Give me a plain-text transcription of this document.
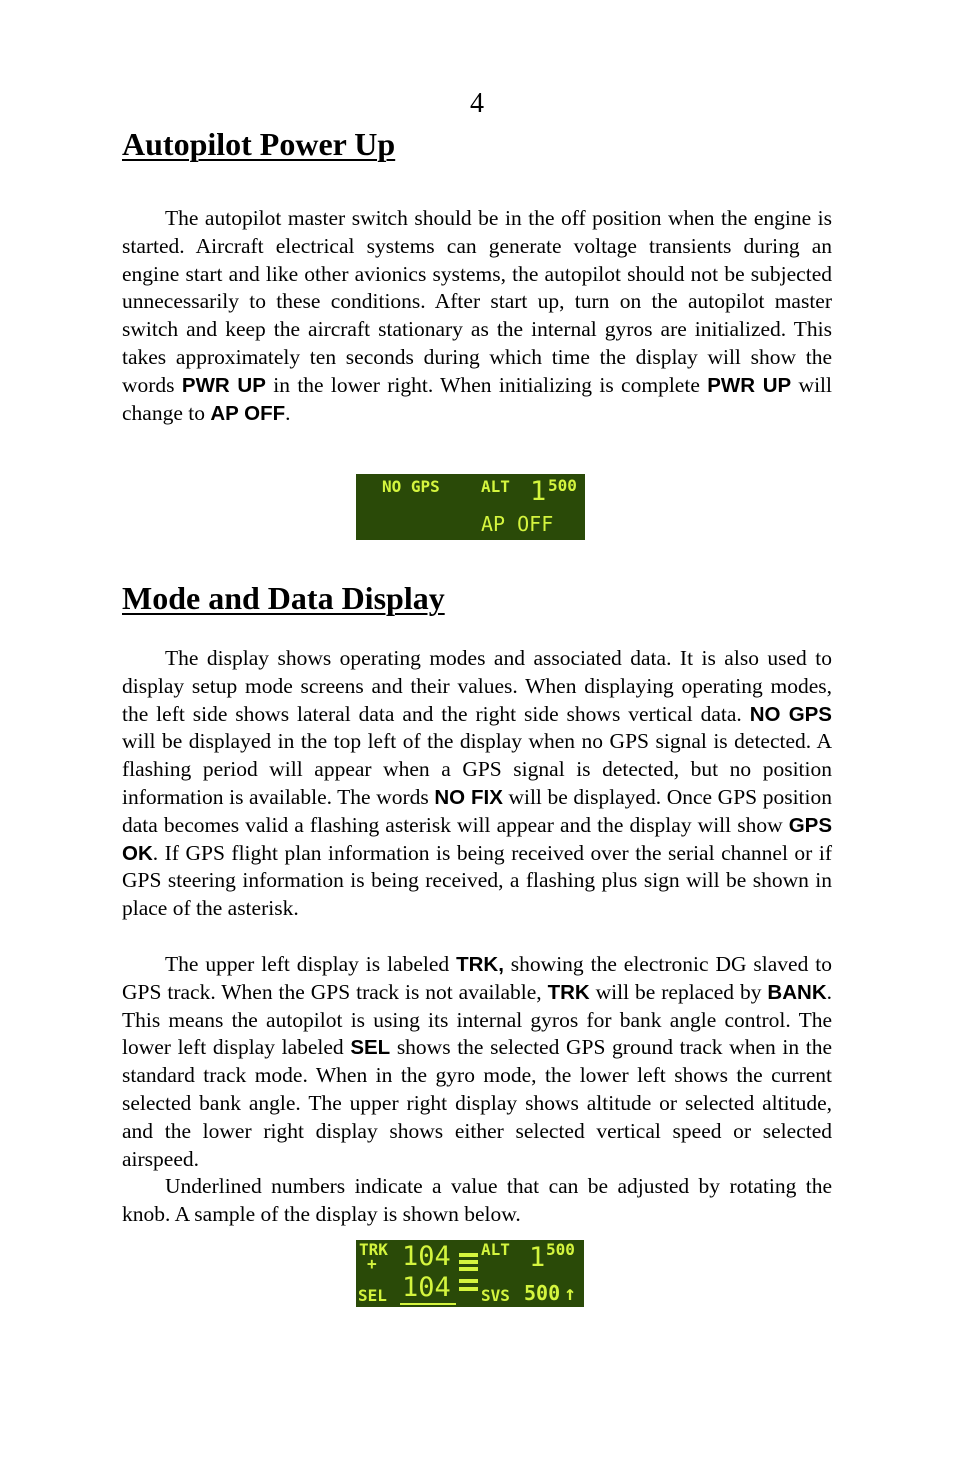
4
Autopilot Power Up

The autopilot master switch should be in the off position when the engine is started. Aircraft electrical systems can generate voltage transients during an engine start and like other avionics systems, the autopilot should not be subjected unnecessarily to these conditions. After start up, turn on the autopilot master switch and keep the aircraft stationary as the internal gyros are initialized. This takes approximately ten seconds during which time the display will show the words PWR UP in the lower right. When initializing is complete PWR UP will change to AP OFF.

NO GPS	ALT 1 500
AP OFF
Mode and Data Display

The display shows operating modes and associated data. It is also used to display setup mode screens and their values. When displaying operating modes, the left side shows lateral data and the right side shows vertical data. NO GPS will be displayed in the top left of the display when no GPS signal is detected. A flashing period will appear when a GPS signal is detected, but no position information is available. The words NO FIX will be displayed. Once GPS position data becomes valid a flashing asterisk will appear and the display will show GPS OK. If GPS flight plan information is being received over the serial channel or if GPS steering information is being received, a flashing plus sign will be shown in place of the asterisk.

The upper left display is labeled TRK, showing the electronic DG slaved to GPS track. When the GPS track is not available, TRK will be replaced by BANK. This means the autopilot is using its internal gyros for bank angle control. The lower left display labeled SEL shows the selected GPS ground track when in the standard track mode. When in the gyro mode, the lower left shows the current selected bank angle. The upper right display shows altitude or selected altitude, and the lower right display shows either selected vertical speed or selected airspeed.

Underlined numbers indicate a value that can be adjusted by rotating the knob. A sample of the display is shown below.

TRK
+ 104 ALT 1 500
SEL 104 SVS 500 ↑
